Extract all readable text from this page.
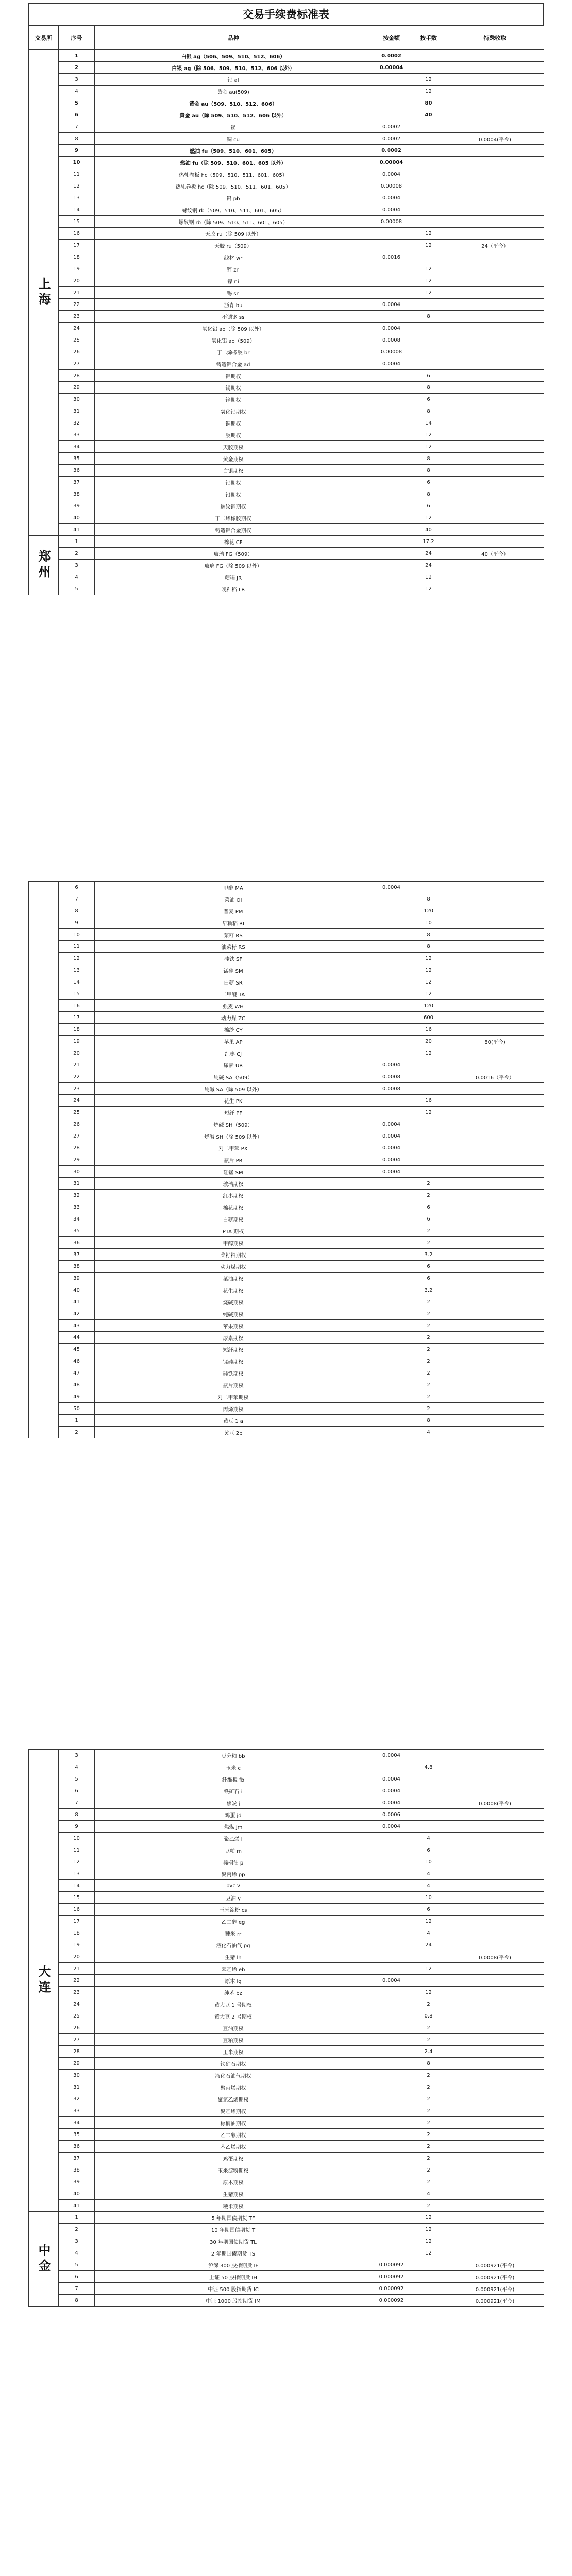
交易手续费标准表
交易所	序号	品种	按金额	按手数	特殊收取
上海	1	白银 ag（506、509、510、512、606）	0.0002		
	2	白银 ag（除 506、509、510、512、606 以外）	0.00004		
	3	铝 al		12	
	4	黄金 au(509)		12	
	5	黄金 au（509、510、512、606）		80	
	6	黄金 au（除 509、510、512、606 以外）		40	
	7	铋	0.0002		
	8	铜 cu	0.0002		0.0004(平今)
	9	燃油 fu（509、510、601、605）	0.0002		
	10	燃油 fu（除 509、510、601、605 以外）	0.00004		
	11	热轧卷板 hc（509、510、511、601、605）	0.0004		
	12	热轧卷板 hc（除 509、510、511、601、605）	0.00008		
	13	铅 pb	0.0004		
	14	螺纹钢 rb（509、510、511、601、605）	0.0004		
	15	螺纹钢 rb（除 509、510、511、601、605）	0.00008		
	16	天胶 ru（除 509 以外）		12	
	17	天胶 ru（509）		12	24（平今）
	18	线材 wr	0.0016		
	19	锌 zn		12	
	20	镍 ni		12	
	21	锡 sn		12	
	22	沥青 bu	0.0004		
	23	不锈钢 ss		8	
	24	氧化铝 ao（除 509 以外）	0.0004		
	25	氧化铝 ao（509）	0.0008		
	26	丁二烯橡胶 br	0.00008		
	27	铸造铝合金 ad	0.0004		
	28	铝期权		6	
	29	锡期权		8	
	30	锌期权		6	
	31	氧化铝期权		8	
	32	铜期权		14	
	33	胶期权		12	
	34	天胶期权		12	
	35	黄金期权		8	
	36	白银期权		8	
	37	铝期权		6	
	38	铅期权		8	
	39	螺纹钢期权		6	
	40	丁二烯橡胶期权		12	
	41	铸造铝合金期权		40	
郑州	1	棉花 CF		17.2	
	2	玻璃 FG（509）		24	40（平今）
	3	玻璃 FG（除 509 以外）		24	
	4	粳稻 JR		12	
	5	晚籼稻 LR		12	
	6	甲醇 MA	0.0004		
	7	菜油 OI		8	
	8	普麦 PM		120	
	9	早籼稻 RI		10	
	10	菜籽 RS		8	
	11	油菜籽 RS		8	
	12	硅铁 SF		12	
	13	锰硅 SM		12	
	14	白糖 SR		12	
	15	二甲醚 TA		12	
	16	强麦 WH		120	
	17	动力煤 ZC		600	
	18	棉纱 CY		16	
	19	苹果 AP		20	80(平今)
	20	红枣 CJ		12	
	21	尿素 UR	0.0004		
	22	纯碱 SA（509）	0.0008		0.0016（平今）
	23	纯碱 SA（除 509 以外）	0.0008		
	24	花生 PK		16	
	25	短纤 PF		12	
	26	烧碱 SH（509）	0.0004		
	27	烧碱 SH（除 509 以外）	0.0004		
	28	对二甲苯 PX	0.0004		
	29	瓶片 PR	0.0004		
	30	硅锰 SM	0.0004		
	31	玻璃期权		2	
	32	红枣期权		2	
	33	棉花期权		6	
	34	白糖期权		6	
	35	PTA 期权		2	
	36	甲醇期权		2	
	37	菜籽粕期权		3.2	
	38	动力煤期权		6	
	39	菜油期权		6	
	40	花生期权		3.2	
	41	烧碱期权		2	
	42	纯碱期权		2	
	43	苹果期权		2	
	44	尿素期权		2	
	45	短纤期权		2	
	46	锰硅期权		2	
	47	硅铁期权		2	
	48	瓶片期权		2	
	49	对二甲苯期权		2	
	50	丙烯期权		2	
	1	黄豆 1 a		8	
	2	黄豆 2b		4	
大连	3	豆分粕 bb	0.0004		
	4	玉米 c		4.8	
	5	纤维板 fb	0.0004		
	6	铁矿石 i	0.0004		
	7	焦炭 j	0.0004		0.0008(平今)
	8	鸡蛋 jd	0.0006		
	9	焦煤 jm	0.0004		
	10	聚乙烯 l		4	
	11	豆粕 m		6	
	12	棕榈油 p		10	
	13	聚丙烯 pp		4	
	14	pvc v		4	
	15	豆油 y		10	
	16	玉米淀粉 cs		6	
	17	乙二醇 eg		12	
	18	粳米 rr		4	
	19	液化石油气 pg		24	
	20	生猪 lh			0.0008(平今)
	21	苯乙烯 eb		12	
	22	原木 lg	0.0004		
	23	纯苯 bz		12	
	24	黄大豆 1 号期权		2	
	25	黄大豆 2 号期权		0.8	
	26	豆油期权		2	
	27	豆粕期权		2	
	28	玉米期权		2.4	
	29	铁矿石期权		8	
	30	液化石油气期权		2	
	31	聚丙烯期权		2	
	32	聚氯乙烯期权		2	
	33	聚乙烯期权		2	
	34	棕榈油期权		2	
	35	乙二醇期权		2	
	36	苯乙烯期权		2	
	37	鸡蛋期权		2	
	38	玉米淀粉期权		2	
	39	原木期权		2	
	40	生猪期权		4	
	41	粳米期权		2	
中金	1	5 年期国债期货 TF		12	
	2	10 年期国债期货 T		12	
	3	30 年期国债期货 TL		12	
	4	2 年期国债期货 TS		12	
	5	沪深 300 股指期货 IF	0.000092		0.000921(平今)
	6	上证 50 股指期货 IH	0.000092		0.000921(平今)
	7	中证 500 股指期货 IC	0.000092		0.000921(平今)
	8	中证 1000 股指期货 IM	0.000092		0.000921(平今)
